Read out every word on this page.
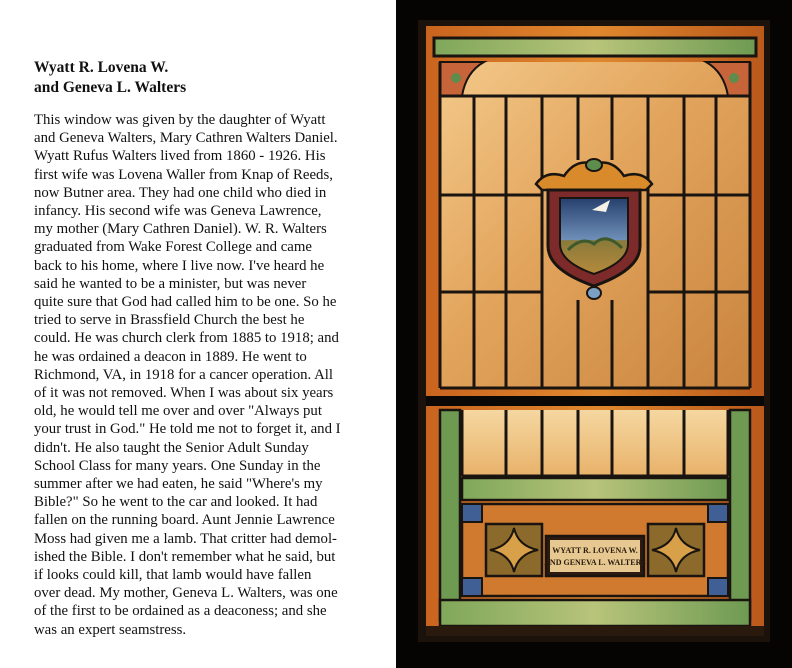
Wyatt R. Lovena W.
and Geneva L. Walters
This window was given by the daughter of Wyatt
and Geneva Walters, Mary Cathren Walters Daniel.
Wyatt Rufus Walters lived from 1860 - 1926. His
first wife was Lovena Waller from Knap of Reeds,
now Butner area. They had one child who died in
infancy. His second wife was Geneva Lawrence,
my mother (Mary Cathren Daniel). W. R. Walters
graduated from Wake Forest College and came
back to his home, where I live now. I've heard he
said he wanted to be a minister, but was never
quite sure that God had called him to be one. So he
tried to serve in Brassfield Church the best he
could. He was church clerk from 1885 to 1918; and
he was ordained a deacon in 1889. He went to
Richmond, VA, in 1918 for a cancer operation. All
of it was not removed. When I was about six years
old, he would tell me over and over "Always put
your trust in God." He told me not to forget it, and I
didn't. He also taught the Senior Adult Sunday
School Class for many years. One Sunday in the
summer after we had eaten, he said "Where's my
Bible?" So he went to the car and looked. It had
fallen on the running board. Aunt Jennie Lawrence
Moss had given me a lamb. That critter had demol-
ished the Bible. I don't remember what he said, but
if looks could kill, that lamb would have fallen
over dead. My mother, Geneva L. Walters, was one
of the first to be ordained as a deaconess; and she
was an expert seamstress.
WYATT R. LOVENA W.
AND GENEVA L. WALTERS
